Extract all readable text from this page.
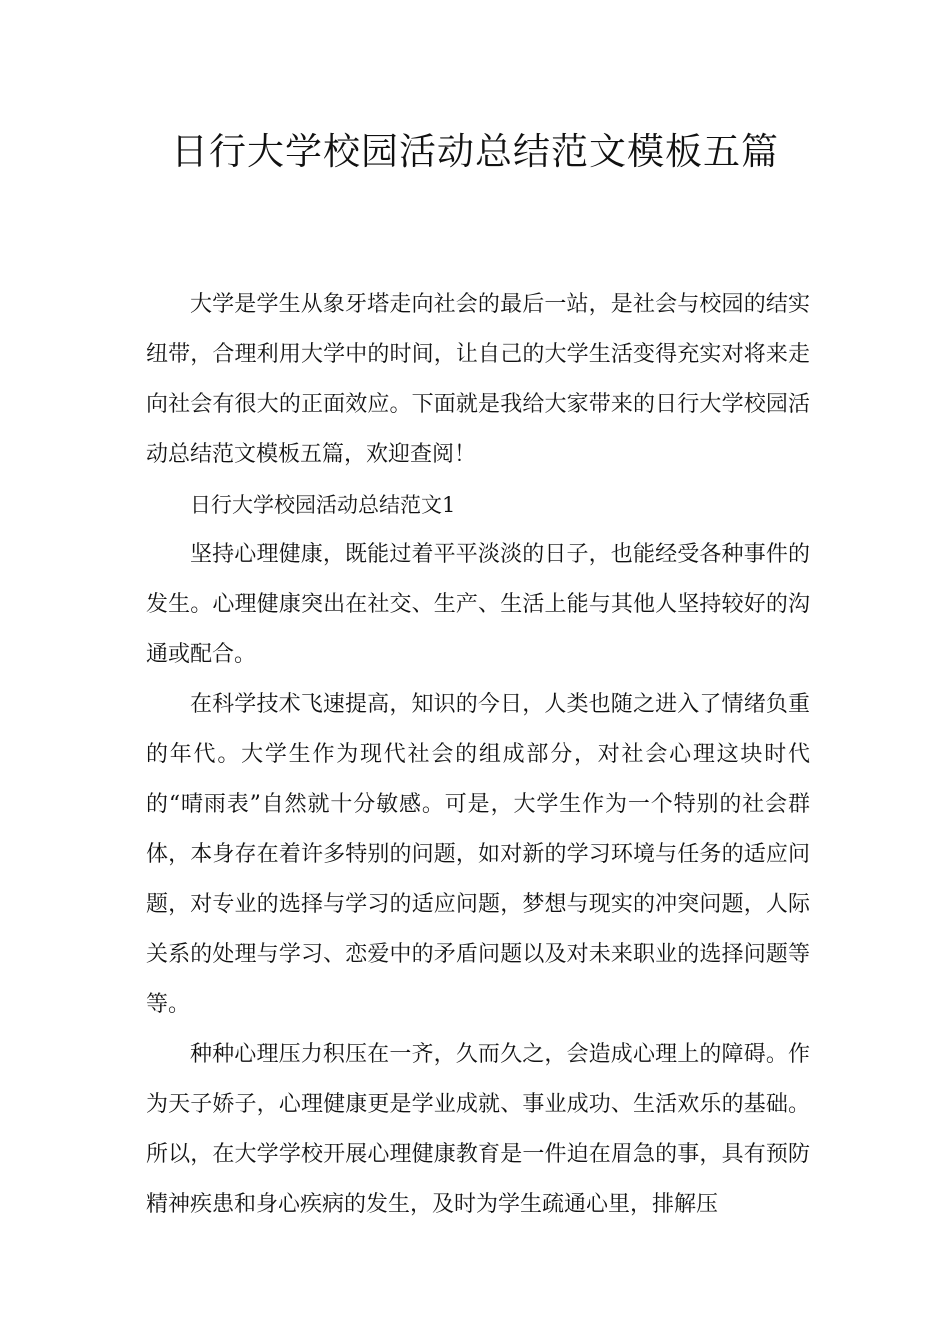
日行大学校园活动总结范文模板五篇

大学是学生从象牙塔走向社会的最后一站，是社会与校园的结实纽带，合理利用大学中的时间，让自己的大学生活变得充实对将来走向社会有很大的正面效应。下面就是我给大家带来的日行大学校园活动总结范文模板五篇，欢迎查阅！

日行大学校园活动总结范文1

坚持心理健康，既能过着平平淡淡的日子，也能经受各种事件的发生。心理健康突出在社交、生产、生活上能与其他人坚持较好的沟通或配合。

在科学技术飞速提高，知识的今日，人类也随之进入了情绪负重的年代。大学生作为现代社会的组成部分，对社会心理这块时代的“晴雨表”自然就十分敏感。可是，大学生作为一个特别的社会群体，本身存在着许多特别的问题，如对新的学习环境与任务的适应问题，对专业的选择与学习的适应问题，梦想与现实的冲突问题，人际关系的处理与学习、恋爱中的矛盾问题以及对未来职业的选择问题等等。

种种心理压力积压在一齐，久而久之，会造成心理上的障碍。作为天子娇子，心理健康更是学业成就、事业成功、生活欢乐的基础。所以，在大学学校开展心理健康教育是一件迫在眉急的事，具有预防精神疾患和身心疾病的发生，及时为学生疏通心里，排解压
